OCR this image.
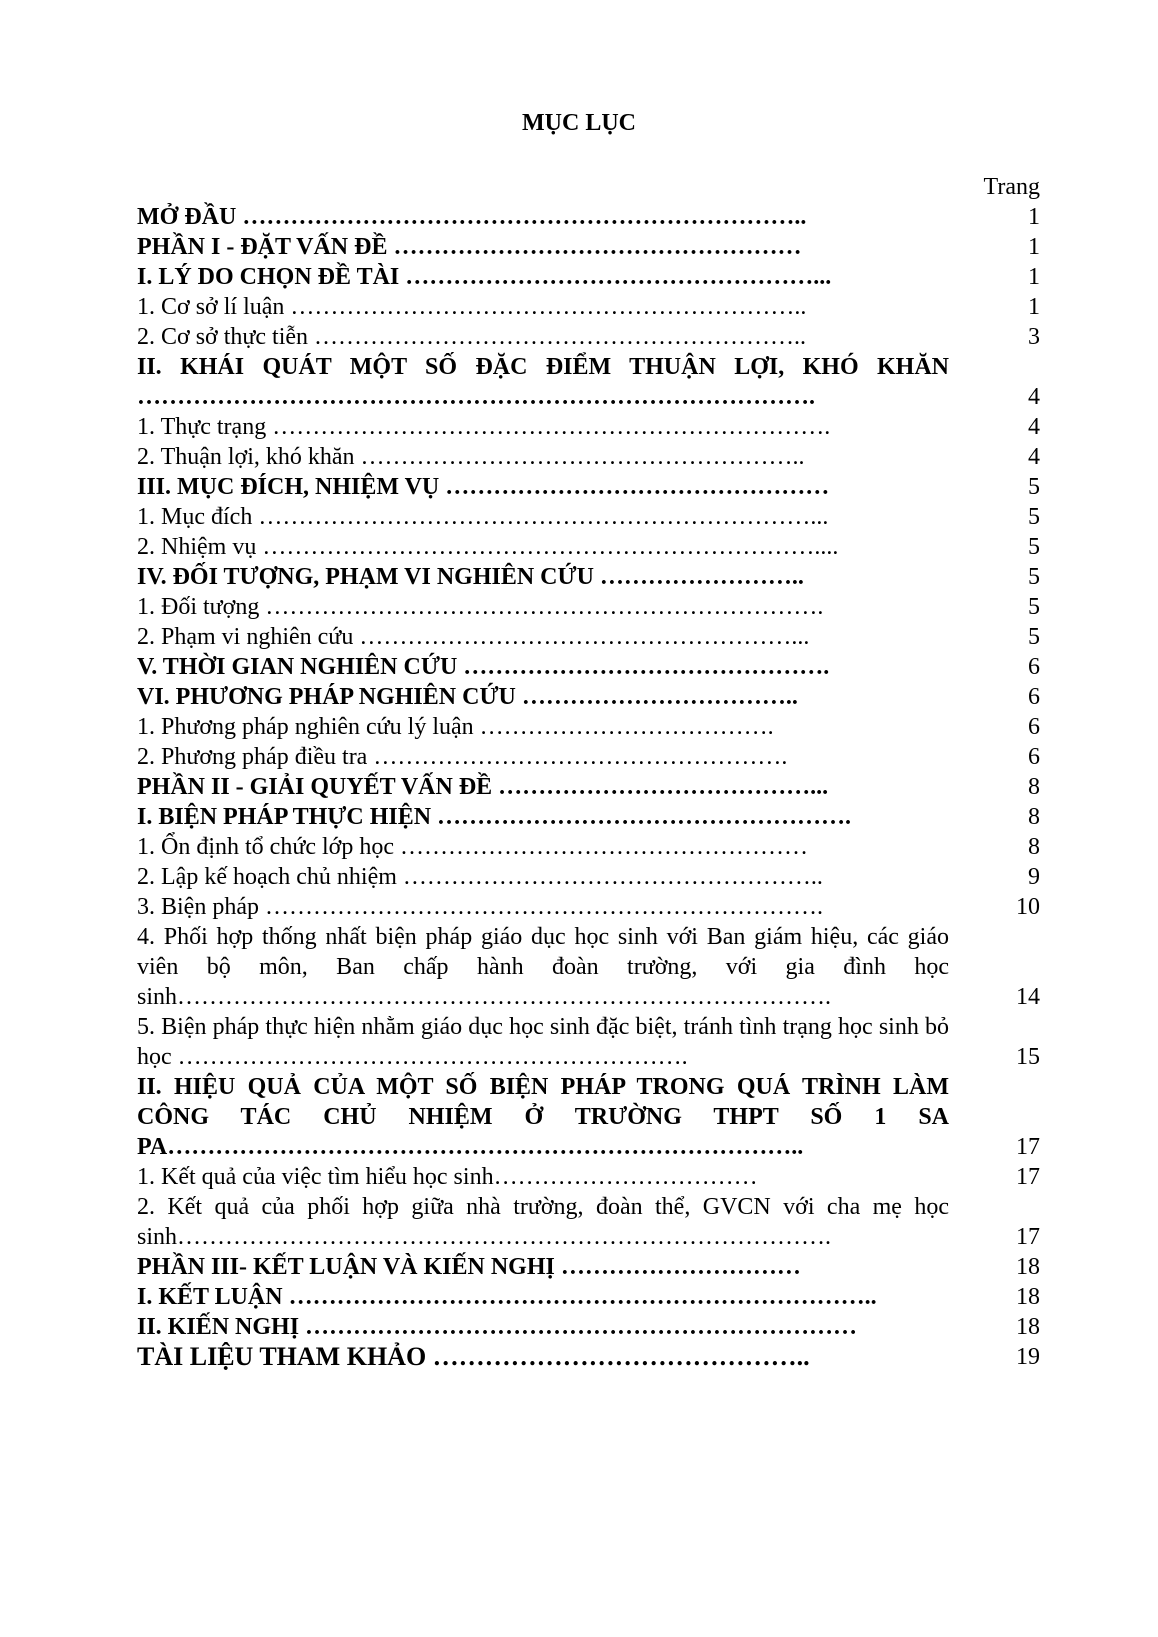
MỤC LỤC
Trang
MỞ ĐẦU ……………………………………………………………..	1
PHẦN I - ĐẶT VẤN ĐỀ ……………………………………………	1
I. LÝ DO CHỌN ĐỀ TÀI ……………………………………………...	1
1. Cơ sở lí luận ………………………………………………………..	1
2. Cơ sở thực tiễn ……………………………………………………..	3
II. KHÁI QUÁT MỘT SỐ ĐẶC ĐIỂM THUẬN LỢI, KHÓ KHĂN ………………………………………………………………………….	4
1. Thực trạng …………………………………………………………….	4
2. Thuận lợi, khó khăn ………………………………………………..	4
III. MỤC ĐÍCH, NHIỆM VỤ …………………………………………	5
1. Mục đích ……………………………………………………………...	5
2. Nhiệm vụ ……………………………………………………………....	5
IV. ĐỐI TƯỢNG, PHẠM VI NGHIÊN CỨU ……………………..	5
1. Đối tượng …………………………………………………………….	5
2. Phạm vi nghiên cứu ………………………………………………...	5
V. THỜI GIAN NGHIÊN CỨU ……………………………………….	6
VI. PHƯƠNG PHÁP NGHIÊN CỨU ……………………………..	6
1. Phương pháp nghiên cứu lý luận ……………………………….	6
2. Phương pháp điều tra …………………………………………….	6
PHẦN II - GIẢI QUYẾT VẤN ĐỀ …………………………………...	8
I. BIỆN PHÁP THỰC HIỆN …………………………………………….	8
1. Ổn định tổ chức lớp học ……………………………………………	8
2. Lập kế hoạch chủ nhiệm ……………………………………………..	9
3. Biện pháp …………………………………………………………….	10
4. Phối hợp thống nhất biện pháp giáo dục học sinh với Ban giám hiệu, các giáo viên bộ môn, Ban chấp hành đoàn trường, với gia đình học sinh……………………………………………………………………….	14
5. Biện pháp thực hiện nhằm giáo dục học sinh đặc biệt, tránh tình trạng học sinh bỏ học ……………………………………………………….	15
II. HIỆU QUẢ CỦA MỘT SỐ BIỆN PHÁP TRONG QUÁ TRÌNH LÀM CÔNG TÁC CHỦ NHIỆM Ở TRƯỜNG THPT SỐ 1 SA PA……………………………………………………………………..	17
1. Kết quả của việc tìm hiểu học sinh……………………………	17
2. Kết quả của phối hợp giữa nhà trường, đoàn thể, GVCN với cha mẹ học sinh……………………………………………………………………….	17
PHẦN III- KẾT LUẬN VÀ KIẾN NGHỊ …………………………	18
I. KẾT LUẬN ………………………………………………………………..	18
II. KIẾN NGHỊ ……………………………………………………………	18
TÀI LIỆU THAM KHẢO ……………………………………..	19
